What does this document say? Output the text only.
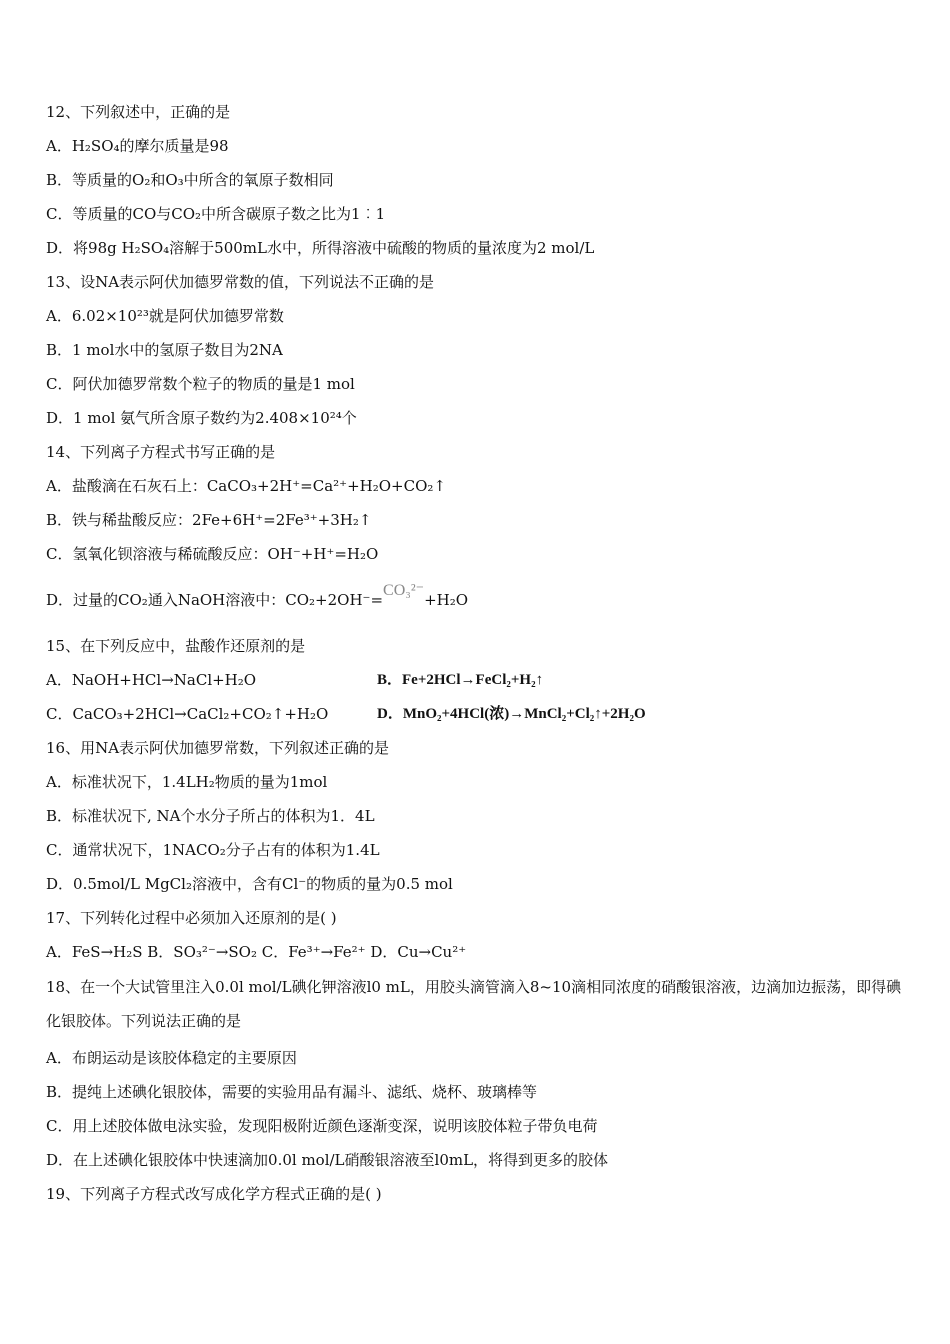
12、下列叙述中，正确的是
A．H₂SO₄的摩尔质量是98
B．等质量的O₂和O₃中所含的氧原子数相同
C．等质量的CO与CO₂中所含碳原子数之比为1︰1
D．将98g H₂SO₄溶解于500mL水中，所得溶液中硫酸的物质的量浓度为2 mol/L
13、设NA表示阿伏加德罗常数的值，下列说法不正确的是
A．6.02×10²³就是阿伏加德罗常数
B．1 mol水中的氢原子数目为2NA
C．阿伏加德罗常数个粒子的物质的量是1 mol
D．1 mol 氨气所含原子数约为2.408×10²⁴个
14、下列离子方程式书写正确的是
A．盐酸滴在石灰石上：CaCO₃+2H⁺=Ca²⁺+H₂O+CO₂↑
B．铁与稀盐酸反应：2Fe+6H⁺=2Fe³⁺+3H₂↑
C．氢氧化钡溶液与稀硫酸反应：OH⁻+H⁺=H₂O
D．过量的CO₂通入NaOH溶液中：CO₂+2OH⁻=CO₃²⁻+H₂O
15、在下列反应中，盐酸作还原剂的是
A．NaOH+HCl→NaCl+H₂O	B．Fe+2HCl→FeCl₂+H₂↑
C．CaCO₃+2HCl→CaCl₂+CO₂↑+H₂O	D．MnO₂+4HCl(浓)→MnCl₂+Cl₂↑+2H₂O
16、用NA表示阿伏加德罗常数，下列叙述正确的是
A．标准状况下，1.4LH₂物质的量为1mol
B．标准状况下, NA个水分子所占的体积为1．4L
C．通常状况下，1NACO₂分子占有的体积为1.4L
D．0.5mol/L MgCl₂溶液中，含有Cl⁻的物质的量为0.5 mol
17、下列转化过程中必须加入还原剂的是( )
A．FeS→H₂S B．SO₃²⁻→SO₂ C．Fe³⁺→Fe²⁺ D．Cu→Cu²⁺
18、在一个大试管里注入0.0l mol/L碘化钾溶液l0 mL，用胶头滴管滴入8~10滴相同浓度的硝酸银溶液，边滴加边振荡，即得碘化银胶体。下列说法正确的是
A．布朗运动是该胶体稳定的主要原因
B．提纯上述碘化银胶体，需要的实验用品有漏斗、滤纸、烧杯、玻璃棒等
C．用上述胶体做电泳实验，发现阳极附近颜色逐渐变深，说明该胶体粒子带负电荷
D．在上述碘化银胶体中快速滴加0.0l mol/L硝酸银溶液至l0mL，将得到更多的胶体
19、下列离子方程式改写成化学方程式正确的是( )
